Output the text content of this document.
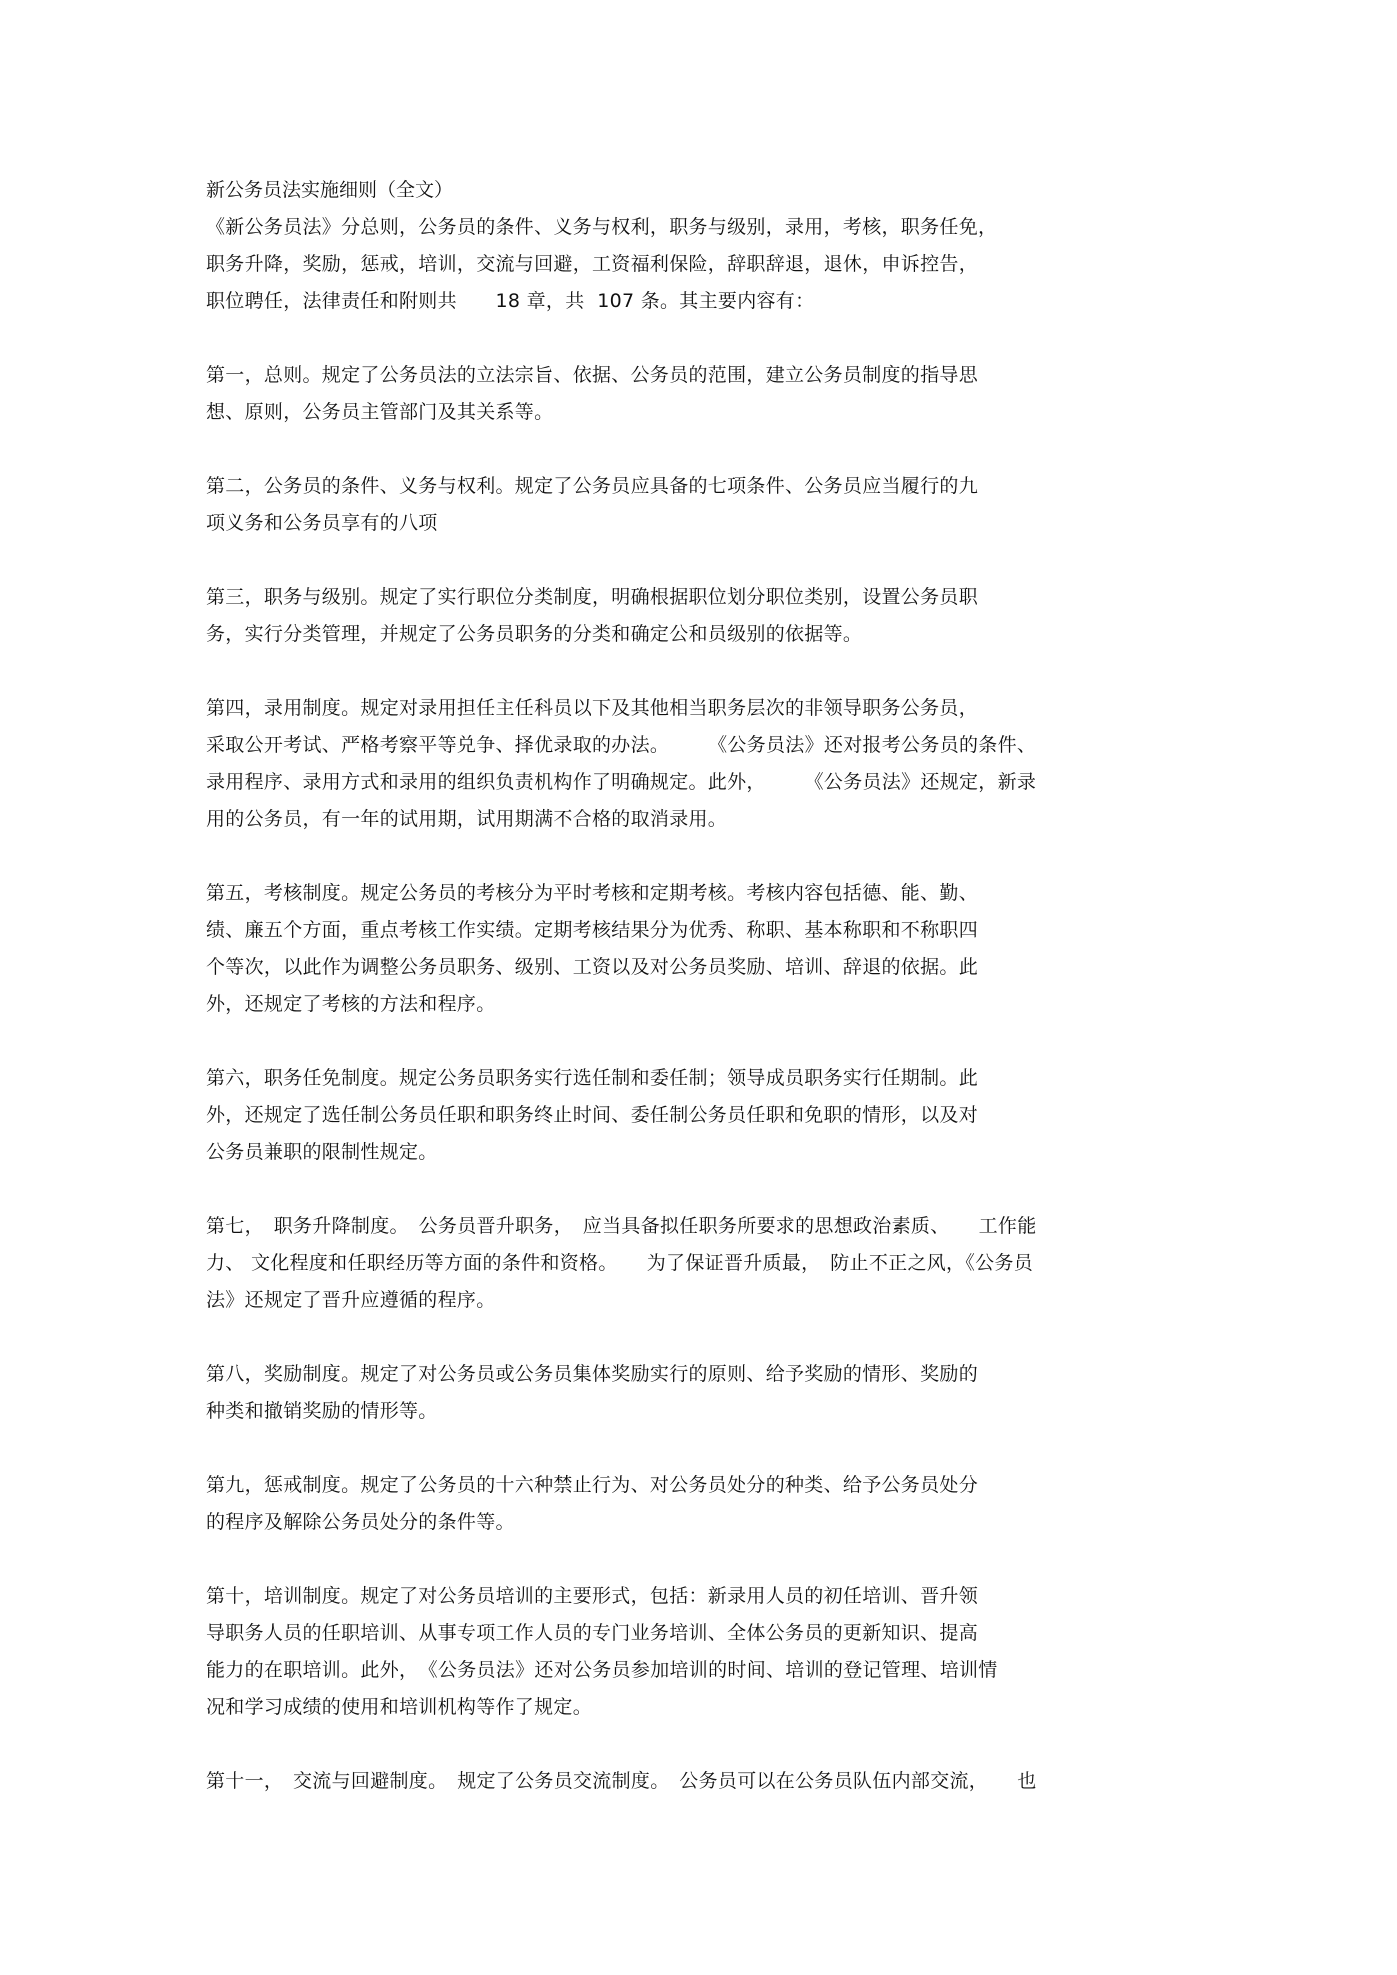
新公务员法实施细则（全文）
《新公务员法》分总则，公务员的条件、义务与权利，职务与级别，录用，考核，职务任免，
职务升降，奖励，惩戒，培训，交流与回避，工资福利保险，辞职辞退，退休，申诉控告，
职位聘任，法律责任和附则共　　18 章，共  107 条。其主要内容有：
第一，总则。规定了公务员法的立法宗旨、依据、公务员的范围，建立公务员制度的指导思
想、原则，公务员主管部门及其关系等。
第二，公务员的条件、义务与权利。规定了公务员应具备的七项条件、公务员应当履行的九
项义务和公务员享有的八项
第三，职务与级别。规定了实行职位分类制度，明确根据职位划分职位类别，设置公务员职
务，实行分类管理，并规定了公务员职务的分类和确定公和员级别的依据等。
第四，录用制度。规定对录用担任主任科员以下及其他相当职务层次的非领导职务公务员，
采取公开考试、严格考察平等兑争、择优录取的办法。　　　《公务员法》还对报考公务员的条件、
录用程序、录用方式和录用的组织负责机构作了明确规定。此外，　　　《公务员法》还规定，新录
用的公务员，有一年的试用期，试用期满不合格的取消录用。
第五，考核制度。规定公务员的考核分为平时考核和定期考核。考核内容包括德、能、勤、
绩、廉五个方面，重点考核工作实绩。定期考核结果分为优秀、称职、基本称职和不称职四
个等次，以此作为调整公务员职务、级别、工资以及对公务员奖励、培训、辞退的依据。此
外，还规定了考核的方法和程序。
第六，职务任免制度。规定公务员职务实行选任制和委任制；领导成员职务实行任期制。此
外，还规定了选任制公务员任职和职务终止时间、委任制公务员任职和免职的情形，以及对
公务员兼职的限制性规定。
第七，　职务升降制度。　公务员晋升职务，　应当具备拟任职务所要求的思想政治素质、　　工作能
力、 文化程度和任职经历等方面的条件和资格。　　为了保证晋升质最，　防止不正之风，《公务员
法》还规定了晋升应遵循的程序。
第八，奖励制度。规定了对公务员或公务员集体奖励实行的原则、给予奖励的情形、奖励的
种类和撤销奖励的情形等。
第九，惩戒制度。规定了公务员的十六种禁止行为、对公务员处分的种类、给予公务员处分
的程序及解除公务员处分的条件等。
第十，培训制度。规定了对公务员培训的主要形式，包括：新录用人员的初任培训、晋升领
导职务人员的任职培训、从事专项工作人员的专门业务培训、全体公务员的更新知识、提高
能力的在职培训。此外，　《公务员法》还对公务员参加培训的时间、培训的登记管理、培训情
况和学习成绩的使用和培训机构等作了规定。
第十一，　交流与回避制度。　规定了公务员交流制度。　公务员可以在公务员队伍内部交流，　　也
